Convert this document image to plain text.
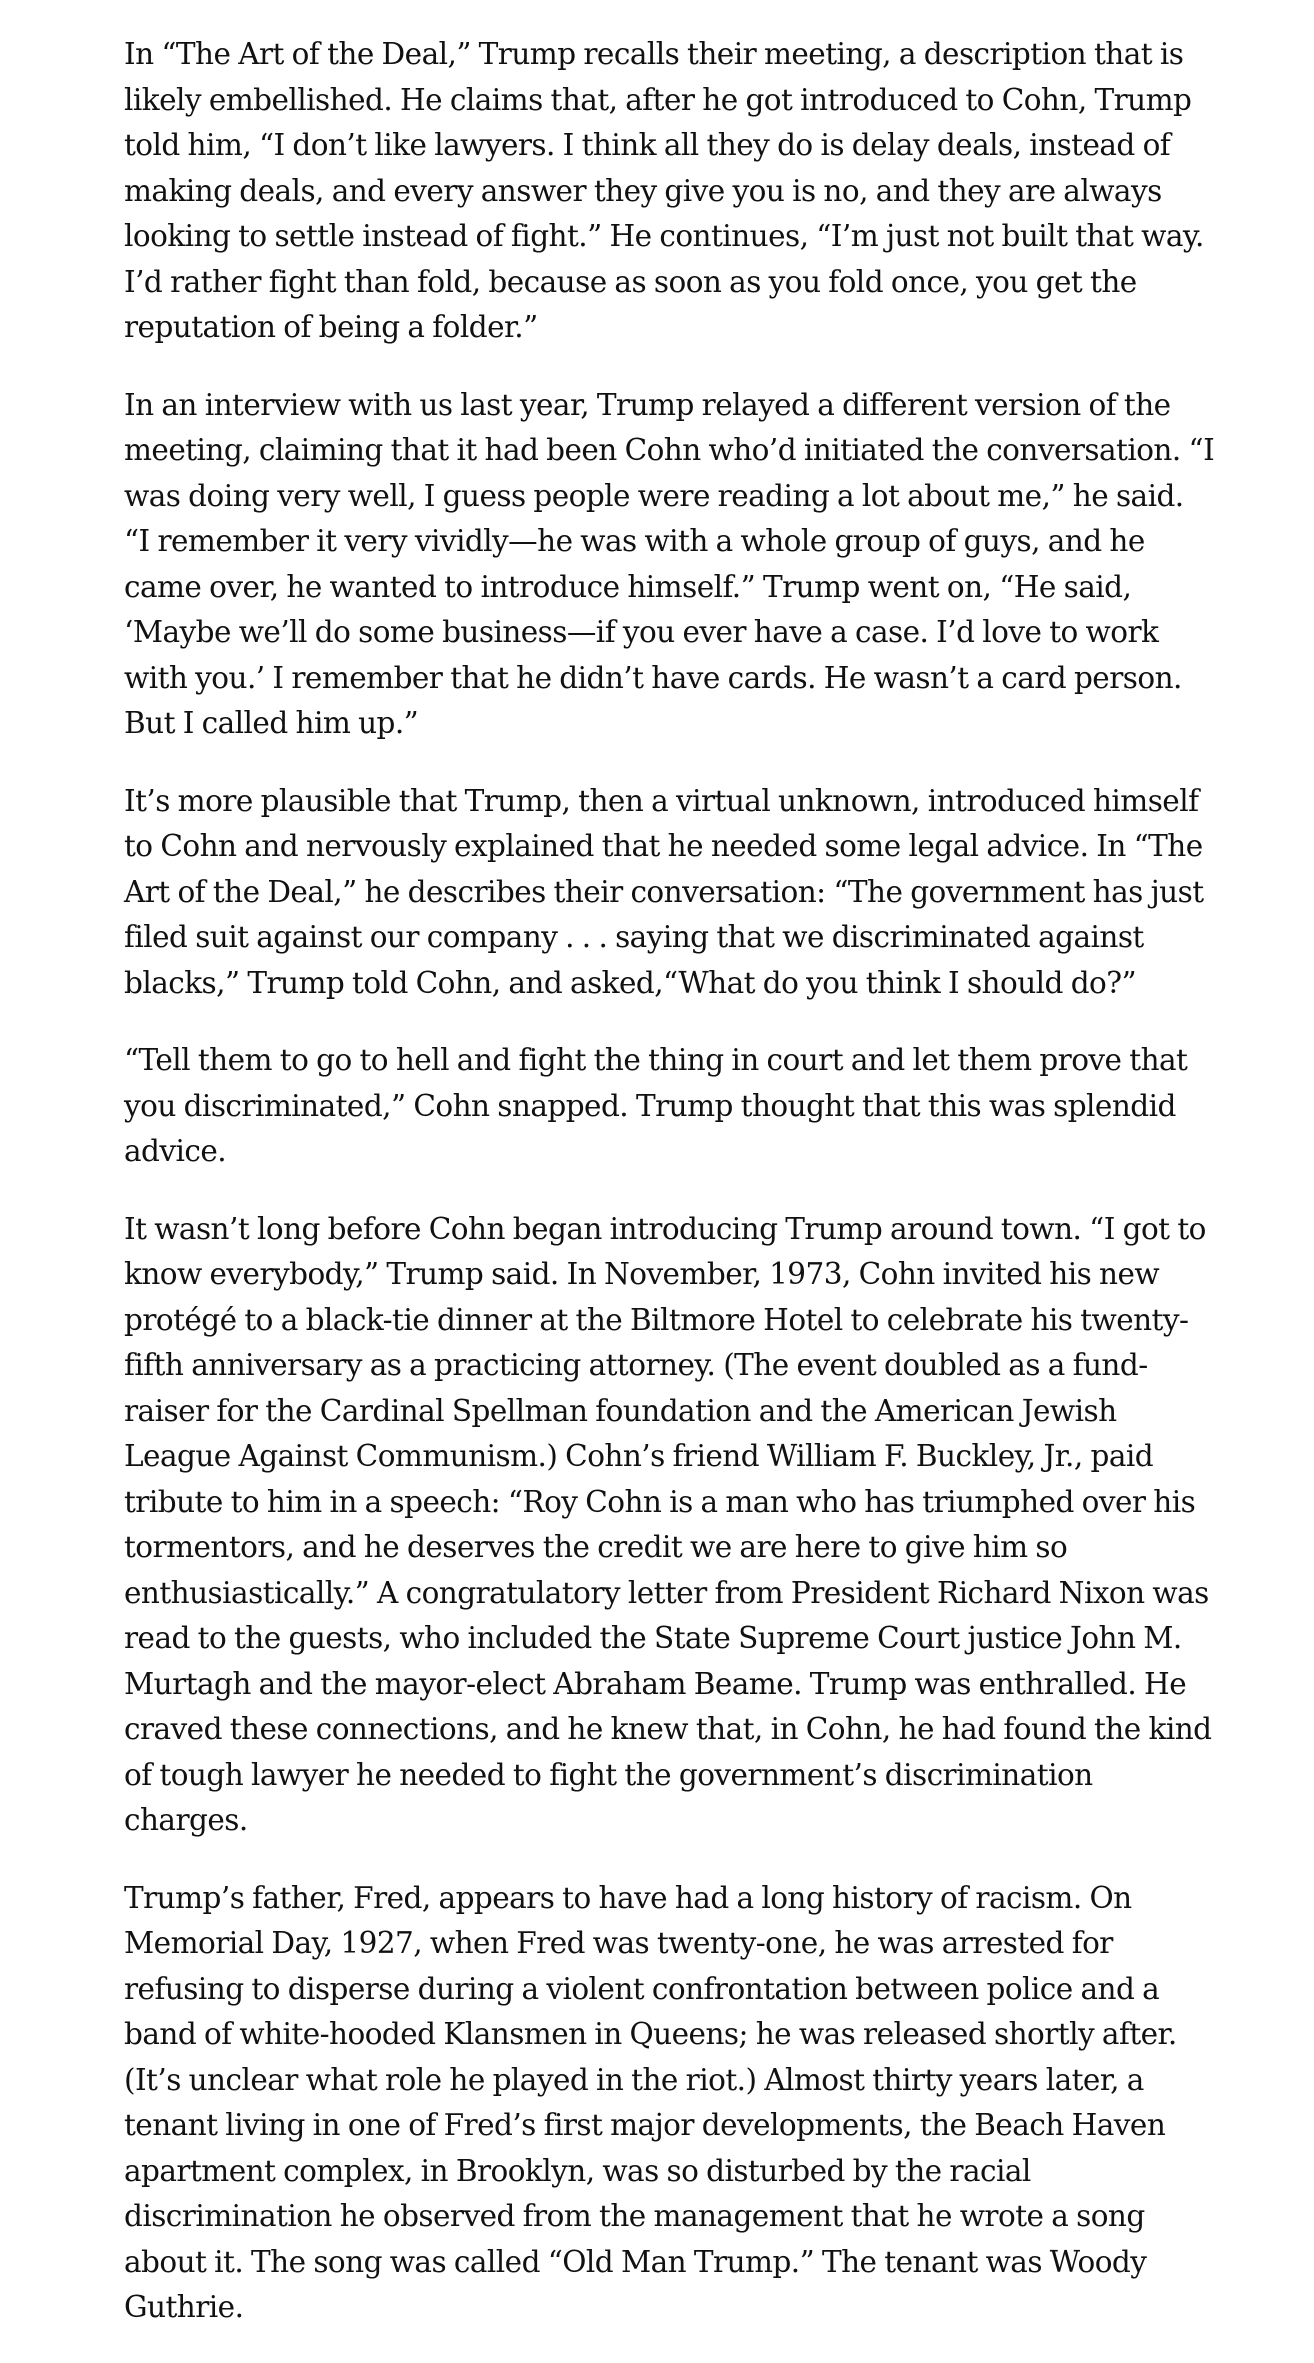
In “The Art of the Deal,” Trump recalls their meeting, a description that is likely embellished. He claims that, after he got introduced to Cohn, Trump told him, “I don’t like lawyers. I think all they do is delay deals, instead of making deals, and every answer they give you is no, and they are always looking to settle instead of fight.” He continues, “I’m just not built that way. I’d rather fight than fold, because as soon as you fold once, you get the reputation of being a folder.”

In an interview with us last year, Trump relayed a different version of the meeting, claiming that it had been Cohn who’d initiated the conversation. “I was doing very well, I guess people were reading a lot about me,” he said. “I remember it very vividly—he was with a whole group of guys, and he came over, he wanted to introduce himself.” Trump went on, “He said, ‘Maybe we’ll do some business—if you ever have a case. I’d love to work with you.’ I remember that he didn’t have cards. He wasn’t a card person. But I called him up.”

It’s more plausible that Trump, then a virtual unknown, introduced himself to Cohn and nervously explained that he needed some legal advice. In “The Art of the Deal,” he describes their conversation: “The government has just filed suit against our company . . . saying that we discriminated against blacks,” Trump told Cohn, and asked,“What do you think I should do?”

“Tell them to go to hell and fight the thing in court and let them prove that you discriminated,” Cohn snapped. Trump thought that this was splendid advice.

It wasn’t long before Cohn began introducing Trump around town. “I got to know everybody,” Trump said. In November, 1973, Cohn invited his new protégé to a black-tie dinner at the Biltmore Hotel to celebrate his twenty-fifth anniversary as a practicing attorney. (The event doubled as a fund-raiser for the Cardinal Spellman foundation and the American Jewish League Against Communism.) Cohn’s friend William F. Buckley, Jr., paid tribute to him in a speech: “Roy Cohn is a man who has triumphed over his tormentors, and he deserves the credit we are here to give him so enthusiastically.” A congratulatory letter from President Richard Nixon was read to the guests, who included the State Supreme Court justice John M. Murtagh and the mayor-elect Abraham Beame. Trump was enthralled. He craved these connections, and he knew that, in Cohn, he had found the kind of tough lawyer he needed to fight the government’s discrimination charges.

Trump’s father, Fred, appears to have had a long history of racism. On Memorial Day, 1927, when Fred was twenty-one, he was arrested for refusing to disperse during a violent confrontation between police and a band of white-hooded Klansmen in Queens; he was released shortly after. (It’s unclear what role he played in the riot.) Almost thirty years later, a tenant living in one of Fred’s first major developments, the Beach Haven apartment complex, in Brooklyn, was so disturbed by the racial discrimination he observed from the management that he wrote a song about it. The song was called “Old Man Trump.” The tenant was Woody Guthrie.
